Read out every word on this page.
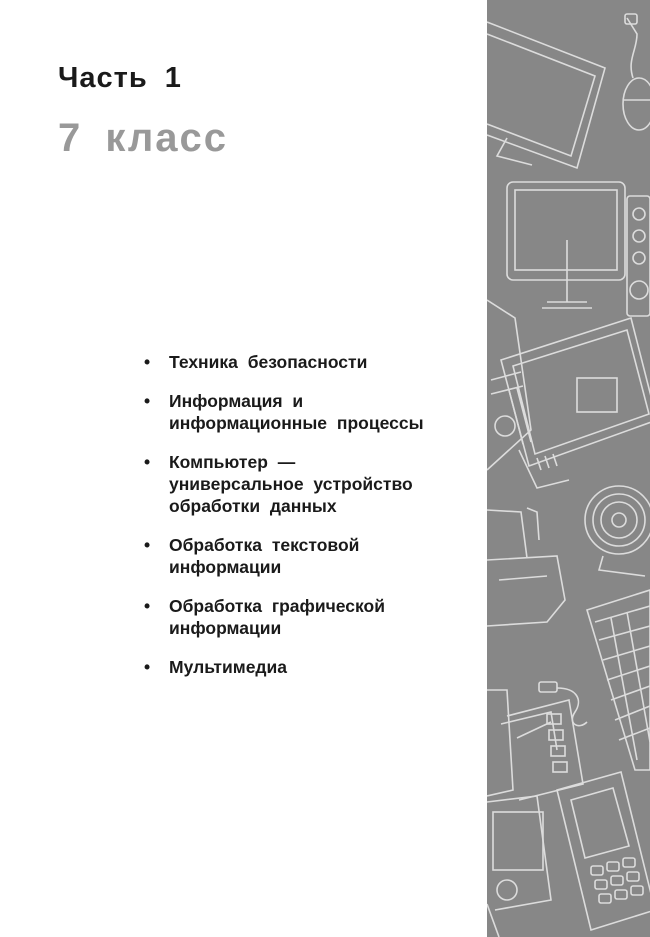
Часть 1
7 класс
• Техника безопасности
• Информация и
информационные процессы
• Компьютер —
универсальное устройство
обработки данных
• Обработка текстовой
информации
• Обработка графической
информации
• Мультимедиа
